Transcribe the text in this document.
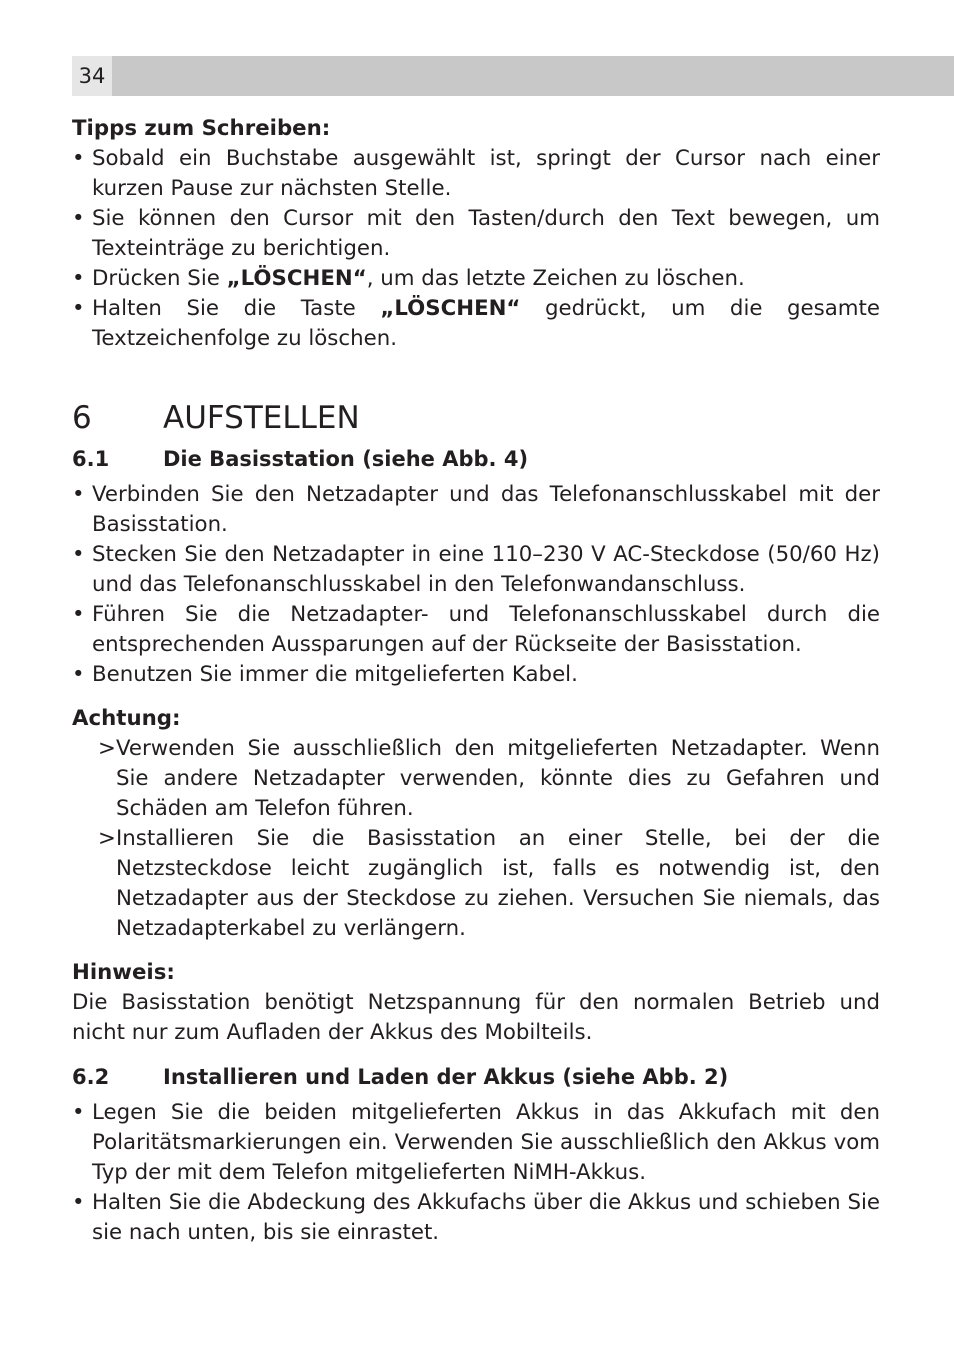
34

Tipps zum Schreiben:

• Sobald ein Buchstabe ausgewählt ist, springt der Cursor nach einer kurzen Pause zur nächsten Stelle.
• Sie können den Cursor mit den Tasten/durch den Text bewegen, um Texteinträge zu berichtigen.
• Drücken Sie „LÖSCHEN“, um das letzte Zeichen zu löschen.
• Halten Sie die Taste „LÖSCHEN“ gedrückt, um die gesamte Textzeichenfolge zu löschen.
6	AUFSTELLEN
6.1	Die Basisstation (siehe Abb. 4)
• Verbinden Sie den Netzadapter und das Telefonanschlusskabel mit der Basisstation.
• Stecken Sie den Netzadapter in eine 110–230 V AC-Steckdose (50/60 Hz) und das Telefonanschlusskabel in den Telefonwandanschluss.
• Führen Sie die Netzadapter- und Telefonanschlusskabel durch die entsprechenden Aussparungen auf der Rückseite der Basisstation.
• Benutzen Sie immer die mitgelieferten Kabel.

Achtung:

> Verwenden Sie ausschließlich den mitgelieferten Netzadapter. Wenn Sie andere Netzadapter verwenden, könnte dies zu Gefahren und Schäden am Telefon führen.
> Installieren Sie die Basisstation an einer Stelle, bei der die Netzsteckdose leicht zugänglich ist, falls es notwendig ist, den Netzadapter aus der Steckdose zu ziehen. Versuchen Sie niemals, das Netzadapterkabel zu verlängern.

Hinweis:

Die Basisstation benötigt Netzspannung für den normalen Betrieb und nicht nur zum Aufladen der Akkus des Mobilteils.

6.2	Installieren und Laden der Akkus (siehe Abb. 2)
• Legen Sie die beiden mitgelieferten Akkus in das Akkufach mit den Polaritätsmarkierungen ein. Verwenden Sie ausschließlich den Akkus vom Typ der mit dem Telefon mitgelieferten NiMH-Akkus.
• Halten Sie die Abdeckung des Akkufachs über die Akkus und schieben Sie sie nach unten, bis sie einrastet.
